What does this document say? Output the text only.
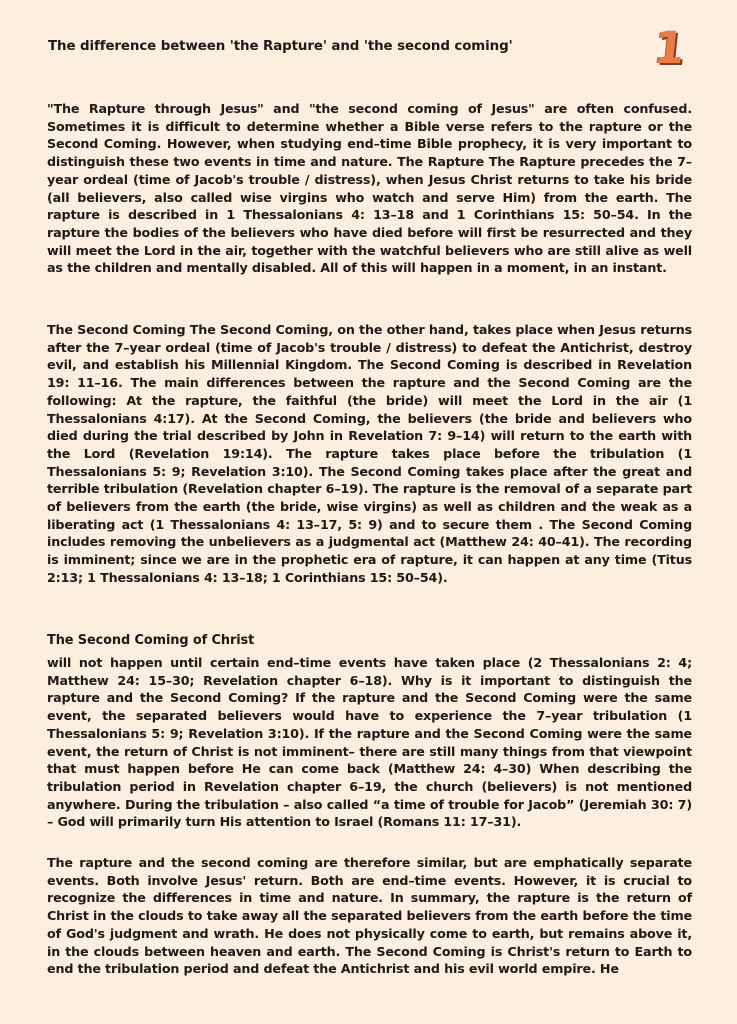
The difference between 'the Rapture' and 'the second coming'	1

"The Rapture through Jesus" and "the second coming of Jesus" are often confused. Sometimes it is difficult to determine whether a Bible verse refers to the rapture or the Second Coming. However, when studying end–time Bible prophecy, it is very important to distinguish these two events in time and nature. The Rapture The Rapture precedes the 7–year ordeal (time of Jacob's trouble / distress), when Jesus Christ returns to take his bride (all believers, also called wise virgins who watch and serve Him) from the earth. The rapture is described in 1 Thessalonians 4: 13–18 and 1 Corinthians 15: 50–54. In the rapture the bodies of the believers who have died before will first be resurrected and they will meet the Lord in the air, together with the watchful believers who are still alive as well as the children and mentally disabled. All of this will happen in a moment, in an instant.

The Second Coming The Second Coming, on the other hand, takes place when Jesus returns after the 7–year ordeal (time of Jacob's trouble / distress) to defeat the Antichrist, destroy evil, and establish his Millennial Kingdom. The Second Coming is described in Revelation 19: 11–16. The main differences between the rapture and the Second Coming are the following: At the rapture, the faithful (the bride) will meet the Lord in the air (1 Thessalonians 4:17). At the Second Coming, the believers (the bride and believers who died during the trial described by John in Revelation 7: 9–14) will return to the earth with the Lord (Revelation 19:14). The rapture takes place before the tribulation (1 Thessalonians 5: 9; Revelation 3:10). The Second Coming takes place after the great and terrible tribulation (Revelation chapter 6–19). The rapture is the removal of a separate part of believers from the earth (the bride, wise virgins) as well as children and the weak as a liberating act (1 Thessalonians 4: 13–17, 5: 9) and to secure them . The Second Coming includes removing the unbelievers as a judgmental act (Matthew 24: 40–41). The recording is imminent; since we are in the prophetic era of rapture, it can happen at any time (Titus 2:13; 1 Thessalonians 4: 13–18; 1 Corinthians 15: 50–54).

The Second Coming of Christ

will not happen until certain end–time events have taken place (2 Thessalonians 2: 4; Matthew 24: 15–30; Revelation chapter 6–18). Why is it important to distinguish the rapture and the Second Coming? If the rapture and the Second Coming were the same event, the separated believers would have to experience the 7–year tribulation (1 Thessalonians 5: 9; Revelation 3:10). If the rapture and the Second Coming were the same event, the return of Christ is not imminent– there are still many things from that viewpoint that must happen before He can come back (Matthew 24: 4–30) When describing the tribulation period in Revelation chapter 6–19, the church (believers) is not mentioned anywhere. During the tribulation – also called “a time of trouble for Jacob” (Jeremiah 30: 7) – God will primarily turn His attention to Israel (Romans 11: 17–31).

The rapture and the second coming are therefore similar, but are emphatically separate events. Both involve Jesus' return. Both are end–time events. However, it is crucial to recognize the differences in time and nature. In summary, the rapture is the return of Christ in the clouds to take away all the separated believers from the earth before the time of God's judgment and wrath. He does not physically come to earth, but remains above it, in the clouds between heaven and earth. The Second Coming is Christ's return to Earth to end the tribulation period and defeat the Antichrist and his evil world empire. He
